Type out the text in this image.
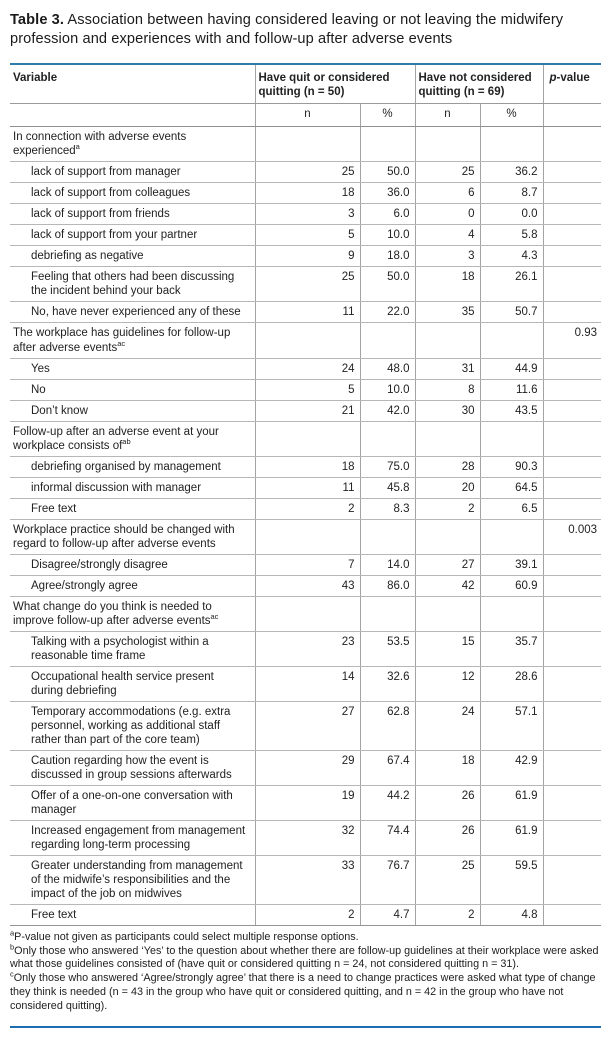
Table 3. Association between having considered leaving or not leaving the midwifery profession and experiences with and follow-up after adverse events
Variable	Have quit or considered quitting (n = 50)		Have not considered quitting (n = 69)		p-value
	n	%	n	%	
In connection with adverse events experienced$^a$					
lack of support from manager	25	50.0	25	36.2	
lack of support from colleagues	18	36.0	6	8.7	
lack of support from friends	3	6.0	0	0.0	
lack of support from your partner	5	10.0	4	5.8	
debriefing as negative	9	18.0	3	4.3	
Feeling that others had been discussing the incident behind your back	25	50.0	18	26.1	
No, have never experienced any of these	11	22.0	35	50.7	
The workplace has guidelines for follow-up after adverse events$^{ac}$					0.93
Yes	24	48.0	31	44.9	
No	5	10.0	8	11.6	
Don’t know	21	42.0	30	43.5	
Follow-up after an adverse event at your workplace consists $of^{ab}$					
debriefing organised by management	18	75.0	28	90.3	
informal discussion with manager	11	45.8	20	64.5	
Free text	2	8.3	2	6.5	
Workplace practice should be changed with regard to follow-up after adverse events					0.003
Disagree/strongly disagree	7	14.0	27	39.1	
Agree/strongly agree	43	86.0	42	60.9	
What change do you think is needed to improve follow-up after adverse events$^{ac}$					
Talking with a psychologist within a reasonable time frame	23	53.5	15	35.7	
Occupational health service present during debriefing	14	32.6	12	28.6	
Temporary accommodations (e.g. extra personnel, working as additional staff rather than part of the core team)	27	62.8	24	57.1	
Caution regarding how the event is discussed in group sessions afterwards	29	67.4	18	42.9	
Offer of a one-on-one conversation with manager	19	44.2	26	61.9	
Increased engagement from management regarding long-term processing	32	74.4	26	61.9	
Greater understanding from management of the midwife’s responsibilities and the impact of the job on midwives	33	76.7	25	59.5	
Free text	2	4.7	2	4.8	
$^a$P-value not given as participants could select multiple response options.
$^b$Only those who answered ‘Yes’ to the question about whether there are follow-up guidelines at their workplace were asked what those guidelines consisted of (have quit or considered quitting n = 24, not considered quitting n = 31).
$^c$Only those who answered ‘Agree/strongly agree’ that there is a need to change practices were asked what type of change they think is needed (n = 43 in the group who have quit or considered quitting, and n = 42 in the group who have not considered quitting).
